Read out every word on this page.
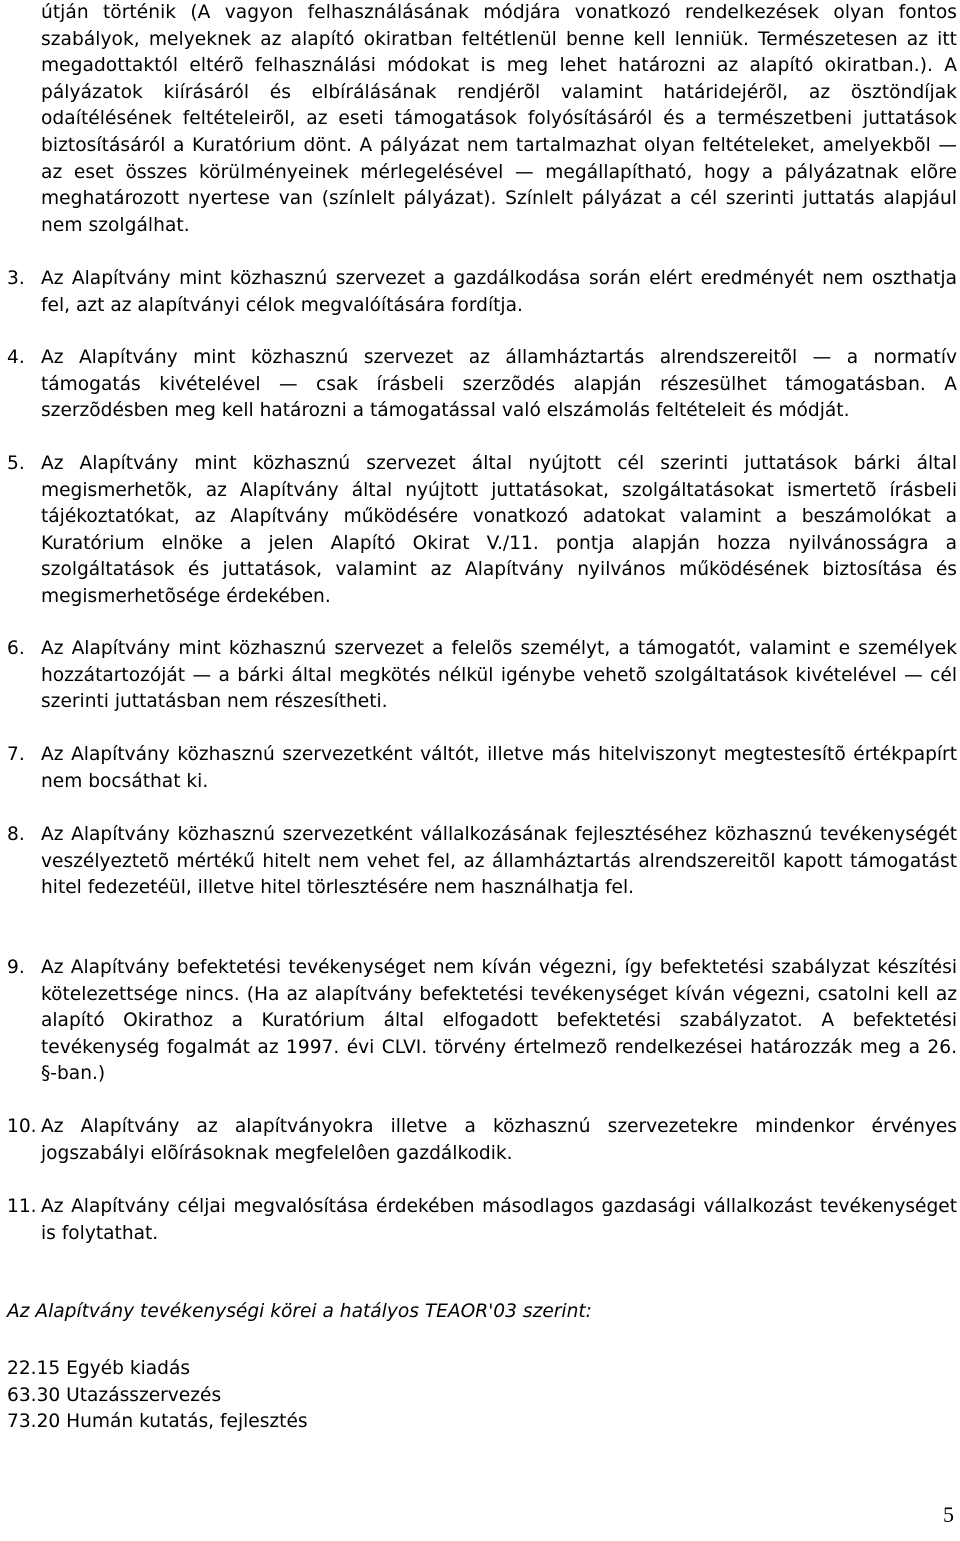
útján történik (A vagyon felhasználásának módjára vonatkozó rendelkezések olyan fontos szabályok, melyeknek az alapító okiratban feltétlenül benne kell lenniük. Természetesen az itt megadottaktól eltérõ felhasználási módokat is meg lehet határozni az alapító okiratban.). A pályázatok kiírásáról és elbírálásának rendjérõl valamint határidejérõl, az ösztöndíjak odaítélésének feltételeirõl, az eseti támogatások folyósításáról és a természetbeni juttatások biztosításáról a Kuratórium dönt. A pályázat nem tartalmazhat olyan feltételeket, amelyekbõl — az eset összes körülményeinek mérlegelésével — megállapítható, hogy a pályázatnak elõre meghatározott nyertese van (színlelt pályázat). Színlelt pályázat a cél szerinti juttatás alapjául nem szolgálhat.
3. Az Alapítvány mint közhasznú szervezet a gazdálkodása során elért eredményét nem oszthatja fel, azt az alapítványi célok megvalóítására fordítja.
4. Az Alapítvány mint közhasznú szervezet az államháztartás alrendszereitõl — a normatív támogatás kivételével — csak írásbeli szerzõdés alapján részesülhet támogatásban. A szerzõdésben meg kell határozni a támogatással való elszámolás feltételeit és módját.
5. Az Alapítvány mint közhasznú szervezet által nyújtott cél szerinti juttatások bárki által megismerhetõk, az Alapítvány által nyújtott juttatásokat, szolgáltatásokat ismertetõ írásbeli tájékoztatókat, az Alapítvány működésére vonatkozó adatokat valamint a beszámolókat a Kuratórium elnöke a jelen Alapító Okirat V./11. pontja alapján hozza nyilvánosságra a szolgáltatások és juttatások, valamint az Alapítvány nyilvános működésének biztosítása és megismerhetõsége érdekében.
6. Az Alapítvány mint közhasznú szervezet a felelõs személyt, a támogatót, valamint e személyek hozzátartozóját — a bárki által megkötés nélkül igénybe vehetõ szolgáltatások kivételével — cél szerinti juttatásban nem részesítheti.
7. Az Alapítvány közhasznú szervezetként váltót, illetve más hitelviszonyt megtestesítõ értékpapírt nem bocsáthat ki.
8. Az Alapítvány közhasznú szervezetként vállalkozásának fejlesztéséhez közhasznú tevékenységét veszélyeztetõ mértékű hitelt nem vehet fel, az államháztartás alrendszereitõl kapott támogatást hitel fedezetéül, illetve hitel törlesztésére nem használhatja fel.
9. Az Alapítvány befektetési tevékenységet nem kíván végezni, így befektetési szabályzat készítési kötelezettsége nincs. (Ha az alapítvány befektetési tevékenységet kíván végezni, csatolni kell az alapító Okirathoz a Kuratórium által elfogadott befektetési szabályzatot. A befektetési tevékenység fogalmát az 1997. évi CLVI. törvény értelmezõ rendelkezései határozzák meg a 26. §-ban.)
10. Az Alapítvány az alapítványokra illetve a közhasznú szervezetekre mindenkor érvényes jogszabályi elõírásoknak megfelelôen gazdálkodik.
11. Az Alapítvány céljai megvalósítása érdekében másodlagos gazdasági vállalkozást tevékenységet is folytathat.
Az Alapítvány tevékenységi körei a hatályos TEAOR'03 szerint:
22.15 Egyéb kiadás
63.30 Utazásszervezés
73.20 Humán kutatás, fejlesztés
5
